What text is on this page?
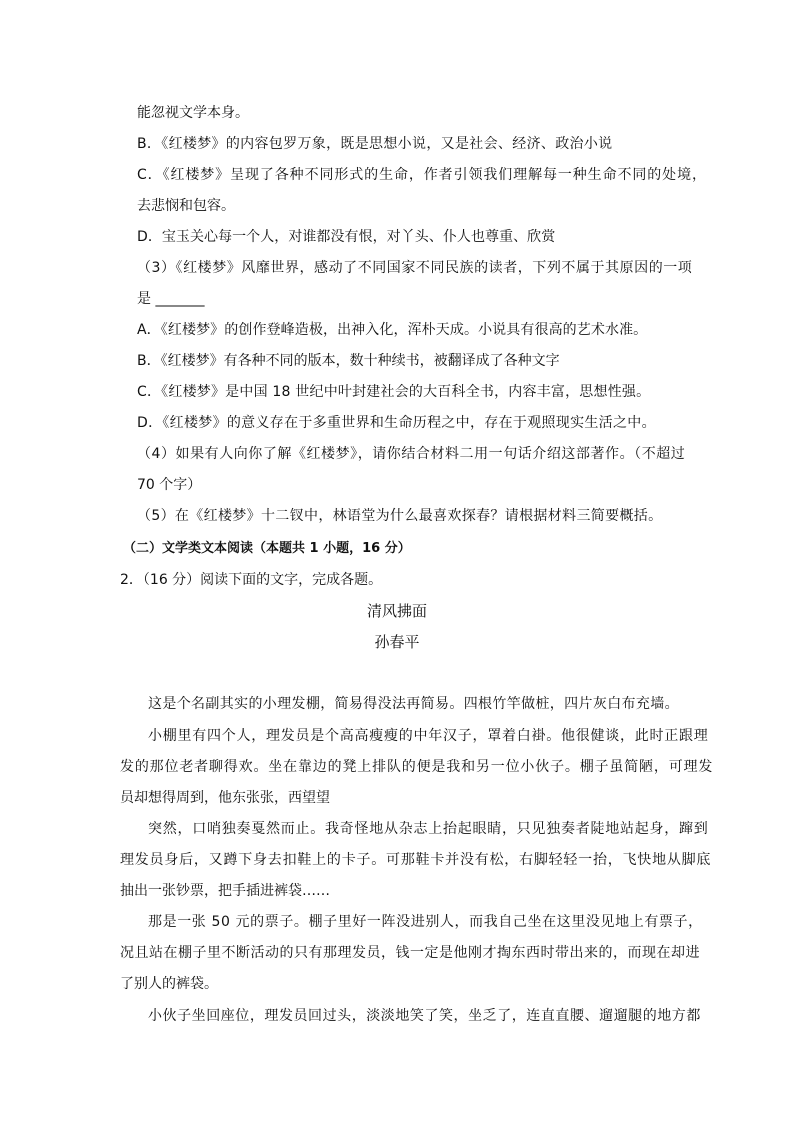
能忽视文学本身。
B．《红楼梦》的内容包罗万象，既是思想小说，又是社会、经济、政治小说
C．《红楼梦》呈现了各种不同形式的生命，作者引领我们理解每一种生命不同的处境，
去悲悯和包容。
D．宝玉关心每一个人，对谁都没有恨，对丫头、仆人也尊重、欣赏
（3）《红楼梦》风靡世界，感动了不同国家不同民族的读者，下列不属于其原因的一项
是 _______
A．《红楼梦》的创作登峰造极，出神入化，浑朴天成。小说具有很高的艺术水准。
B．《红楼梦》有各种不同的版本，数十种续书，被翻译成了各种文字
C．《红楼梦》是中国 18 世纪中叶封建社会的大百科全书，内容丰富，思想性强。
D．《红楼梦》的意义存在于多重世界和生命历程之中，存在于观照现实生活之中。
（4）如果有人向你了解《红楼梦》，请你结合材料二用一句话介绍这部著作。（不超过
70 个字）
（5）在《红楼梦》十二钗中，林语堂为什么最喜欢探春？请根据材料三简要概括。
（二）文学类文本阅读（本题共 1 小题，16 分）
2．（16 分）阅读下面的文字，完成各题。
清风拂面
孙春平
这是个名副其实的小理发棚，简易得没法再简易。四根竹竿做桩，四片灰白布充墙。
小棚里有四个人，理发员是个高高瘦瘦的中年汉子，罩着白褂。他很健谈，此时正跟理
发的那位老者聊得欢。坐在靠边的凳上排队的便是我和另一位小伙子。棚子虽简陋，可理发
员却想得周到，他东张张，西望望
突然，口哨独奏戛然而止。我奇怪地从杂志上抬起眼睛，只见独奏者陡地站起身，蹿到
理发员身后，又蹲下身去扣鞋上的卡子。可那鞋卡并没有松，右脚轻轻一抬，飞快地从脚底
抽出一张钞票，把手插进裤袋……
那是一张 50 元的票子。棚子里好一阵没进别人，而我自己坐在这里没见地上有票子，
况且站在棚子里不断活动的只有那理发员，钱一定是他刚才掏东西时带出来的，而现在却进
了别人的裤袋。
小伙子坐回座位，理发员回过头，淡淡地笑了笑，坐乏了，连直直腰、遛遛腿的地方都
